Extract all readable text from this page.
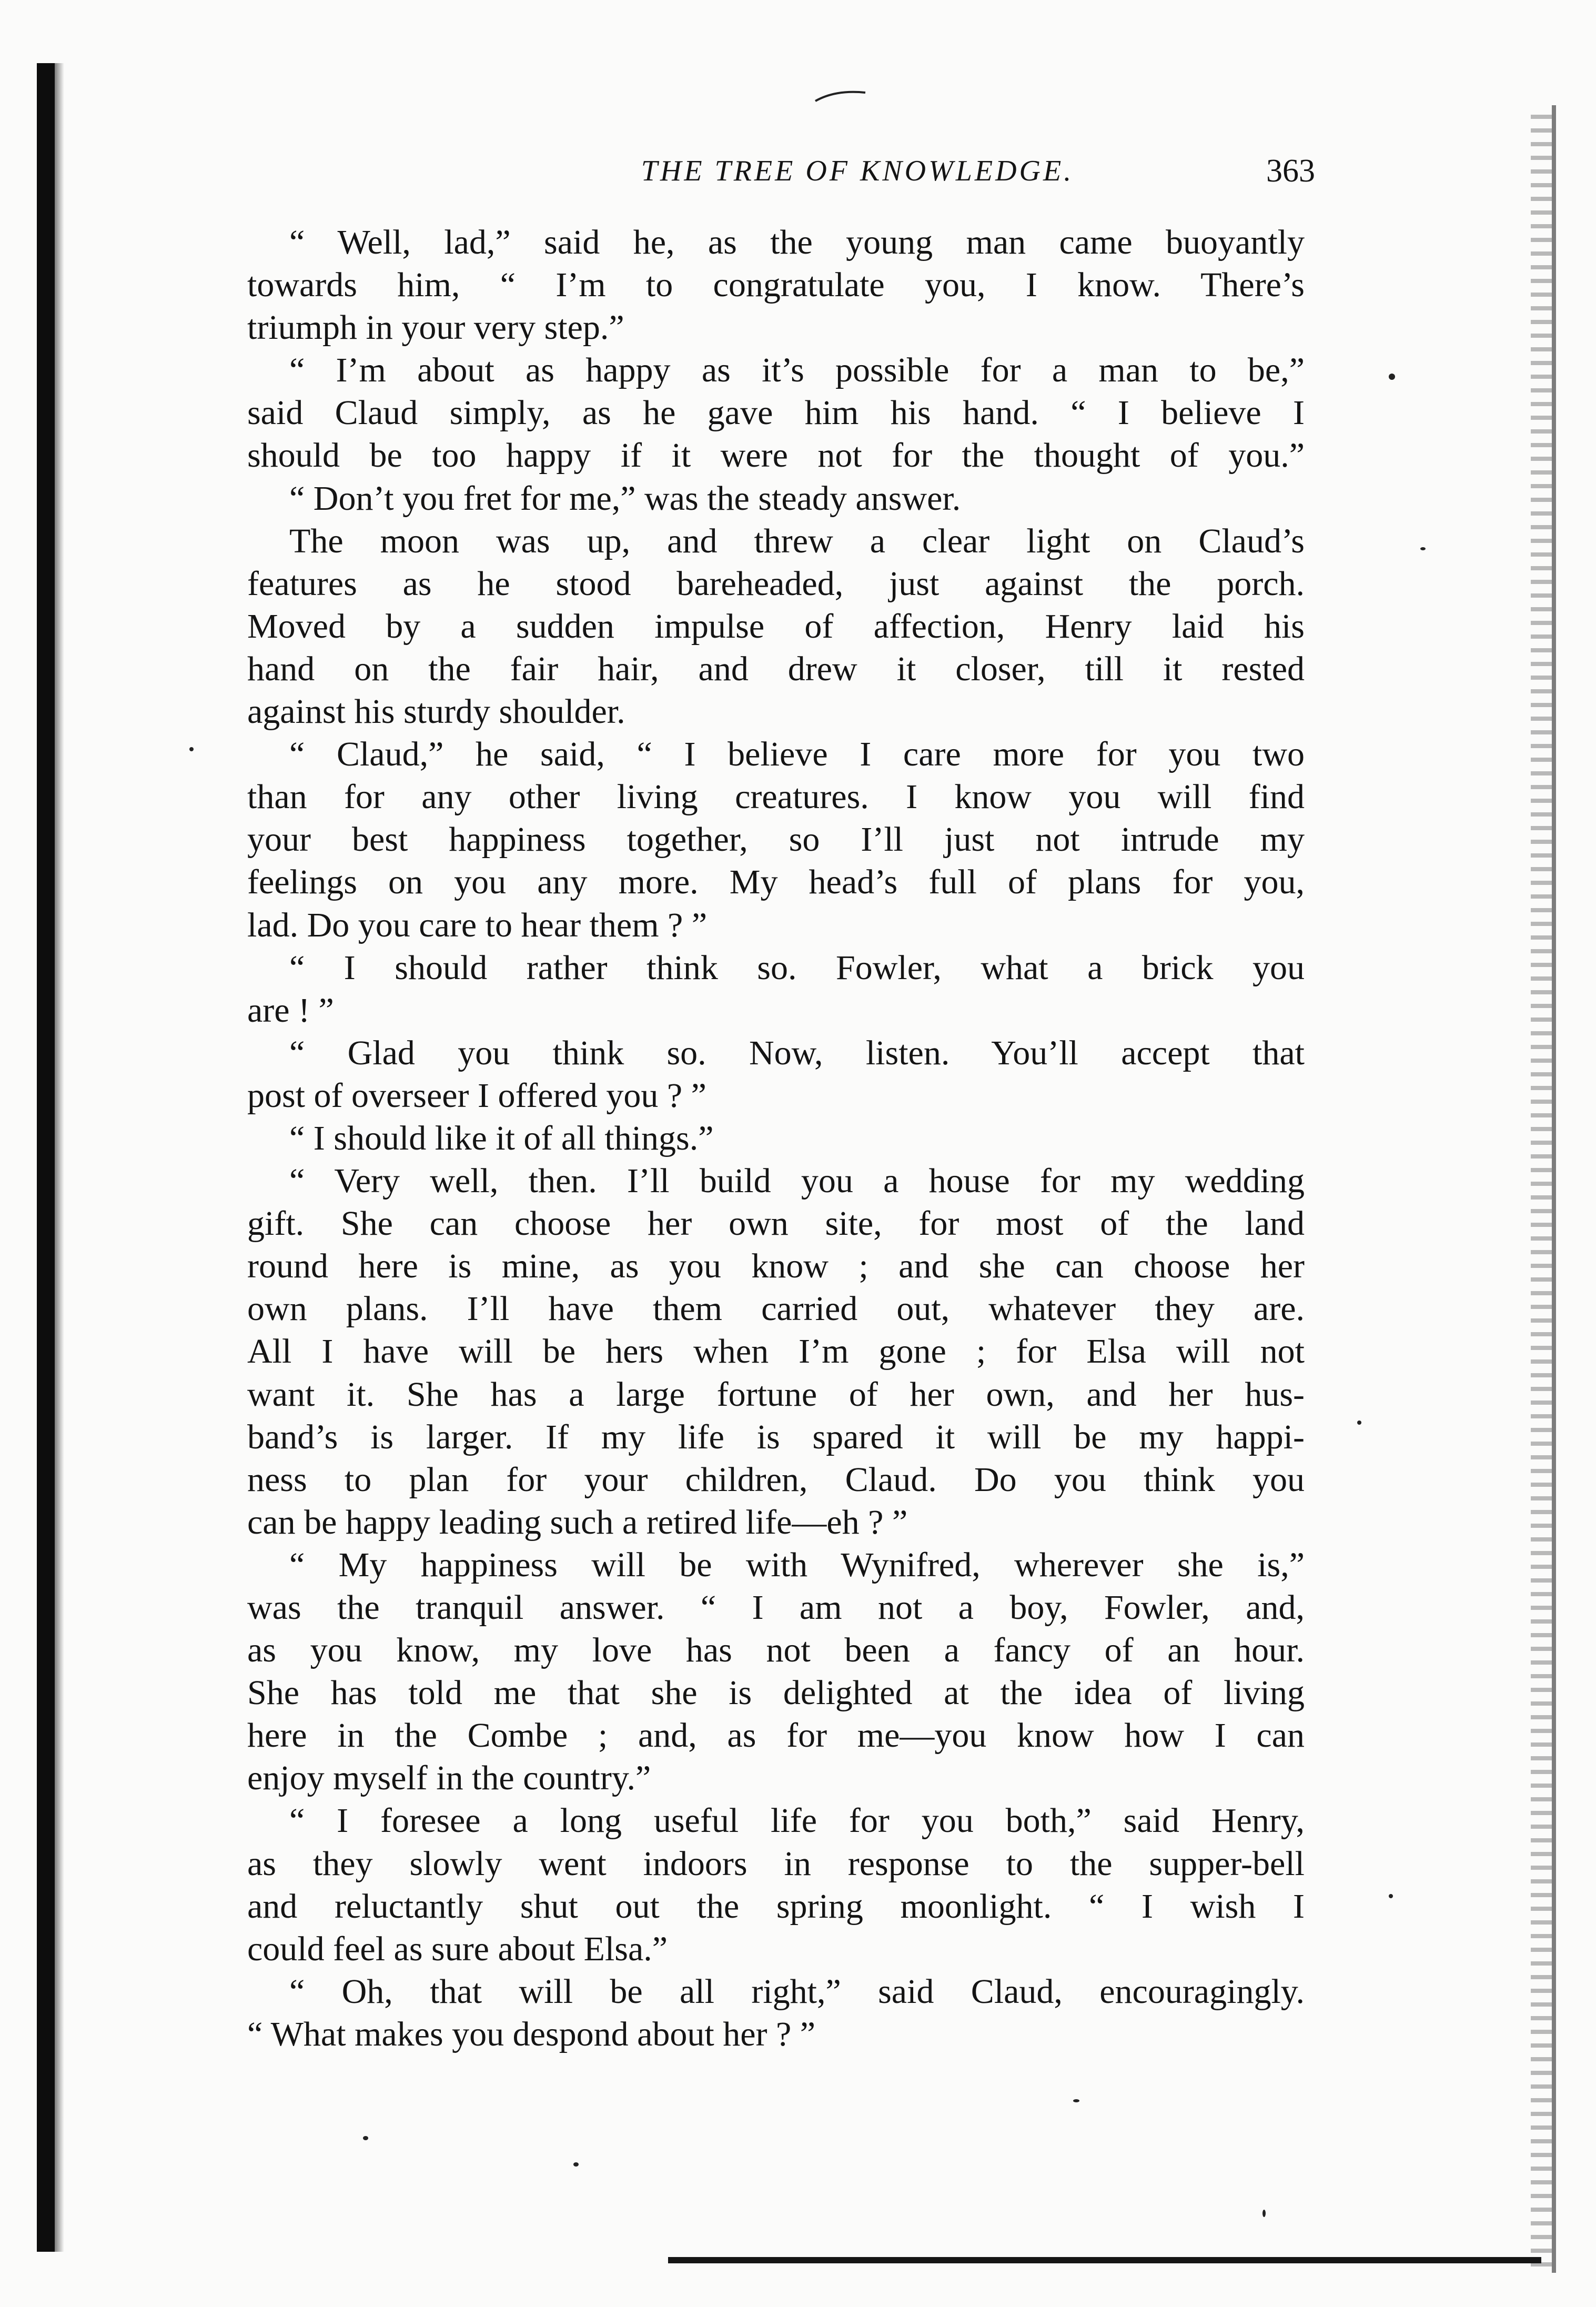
THE TREE OF KNOWLEDGE.	363
“ Well, lad,” said he, as the young man came buoyantly
towards him, “ I’m to congratulate you, I know. There’s
triumph in your very step.”
“ I’m about as happy as it’s possible for a man to be,”
said Claud simply, as he gave him his hand. “ I believe I
should be too happy if it were not for the thought of you.”
“ Don’t you fret for me,” was the steady answer.
The moon was up, and threw a clear light on Claud’s
features as he stood bareheaded, just against the porch.
Moved by a sudden impulse of affection, Henry laid his
hand on the fair hair, and drew it closer, till it rested
against his sturdy shoulder.
“ Claud,” he said, “ I believe I care more for you two
than for any other living creatures. I know you will find
your best happiness together, so I’ll just not intrude my
feelings on you any more. My head’s full of plans for you,
lad. Do you care to hear them ? ”
“ I should rather think so. Fowler, what a brick you
are ! ”
“ Glad you think so. Now, listen. You’ll accept that
post of overseer I offered you ? ”
“ I should like it of all things.”
“ Very well, then. I’ll build you a house for my wedding
gift. She can choose her own site, for most of the land
round here is mine, as you know ; and she can choose her
own plans. I’ll have them carried out, whatever they are.
All I have will be hers when I’m gone ; for Elsa will not
want it. She has a large fortune of her own, and her hus-
band’s is larger. If my life is spared it will be my happi-
ness to plan for your children, Claud. Do you think you
can be happy leading such a retired life—eh ? ”
“ My happiness will be with Wynifred, wherever she is,”
was the tranquil answer. “ I am not a boy, Fowler, and,
as you know, my love has not been a fancy of an hour.
She has told me that she is delighted at the idea of living
here in the Combe ; and, as for me—you know how I can
enjoy myself in the country.”
“ I foresee a long useful life for you both,” said Henry,
as they slowly went indoors in response to the supper-bell
and reluctantly shut out the spring moonlight. “ I wish I
could feel as sure about Elsa.”
“ Oh, that will be all right,” said Claud, encouragingly.
“ What makes you despond about her ? ”
